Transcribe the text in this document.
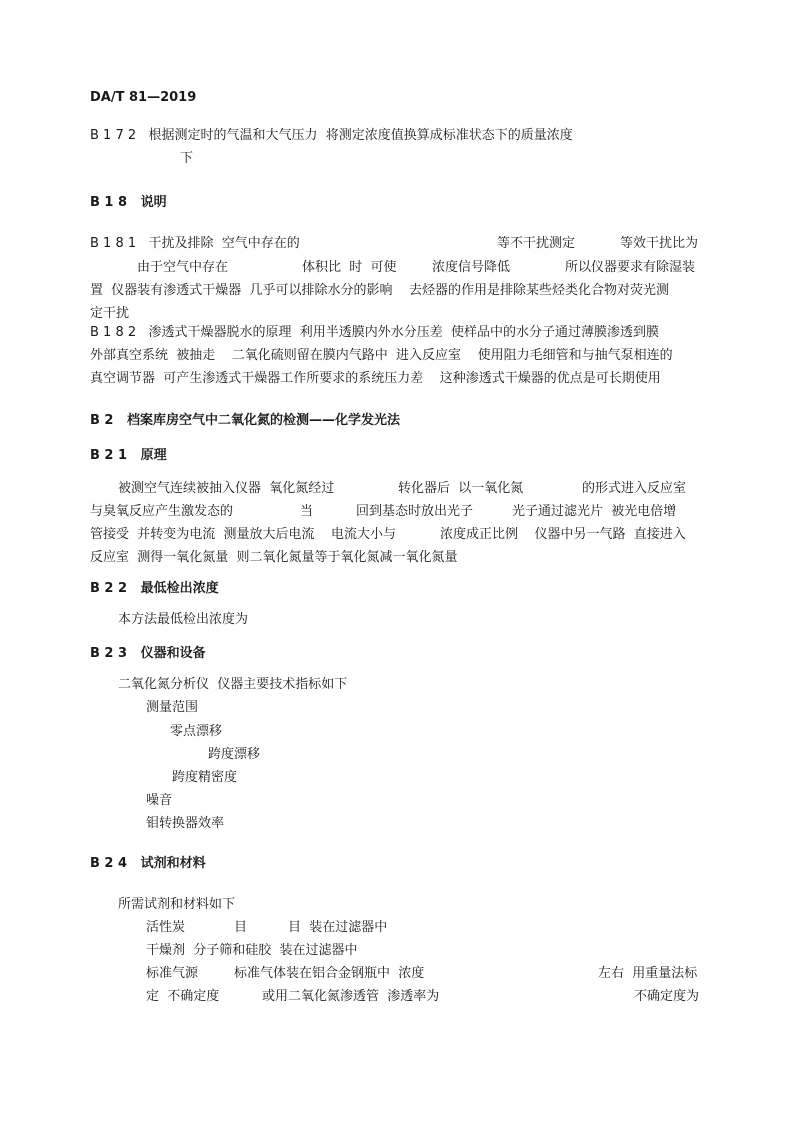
DA/T 81—2019
B 1 7 2   根据测定时的气温和大气压力  将测定浓度值换算成标准状态下的质量浓度
下
B 1 8   说明
B 1 8 1   干扰及排除  空气中存在的	等不干扰测定	等效干扰比为
由于空气中存在	体积比  时  可使	浓度信号降低	所以仪器要求有除湿装
置  仪器装有渗透式干燥器  几乎可以排除水分的影响    去烃器的作用是排除某些烃类化合物对荧光测
定干扰
B 1 8 2   渗透式干燥器脱水的原理  利用半透膜内外水分压差  使样品中的水分子通过薄膜渗透到膜
外部真空系统  被抽走    二氧化硫则留在膜内气路中  进入反应室    使用阻力毛细管和与抽气泵相连的
真空调节器  可产生渗透式干燥器工作所要求的系统压力差    这种渗透式干燥器的优点是可长期使用
B 2   档案库房空气中二氧化氮的检测——化学发光法
B 2 1   原理
被测空气连续被抽入仪器  氧化氮经过	转化器后  以一氧化氮	的形式进入反应室
与臭氧反应产生激发态的	当	回到基态时放出光子	光子通过滤光片  被光电倍增
管接受  并转变为电流  测量放大后电流    电流大小与	浓度成正比例    仪器中另一气路  直接进入
反应室  测得一氧化氮量  则二氧化氮量等于氧化氮减一氧化氮量
B 2 2   最低检出浓度
本方法最低检出浓度为
B 2 3   仪器和设备
二氧化氮分析仪  仪器主要技术指标如下
测量范围
零点漂移
跨度漂移
跨度精密度
噪音
钼转换器效率
B 2 4   试剂和材料
所需试剂和材料如下
活性炭	目	目  装在过滤器中
干燥剂  分子筛和硅胶  装在过滤器中
标准气源	标准气体装在铝合金钢瓶中  浓度	左右  用重量法标
定  不确定度	或用二氧化氮渗透管  渗透率为	不确定度为
